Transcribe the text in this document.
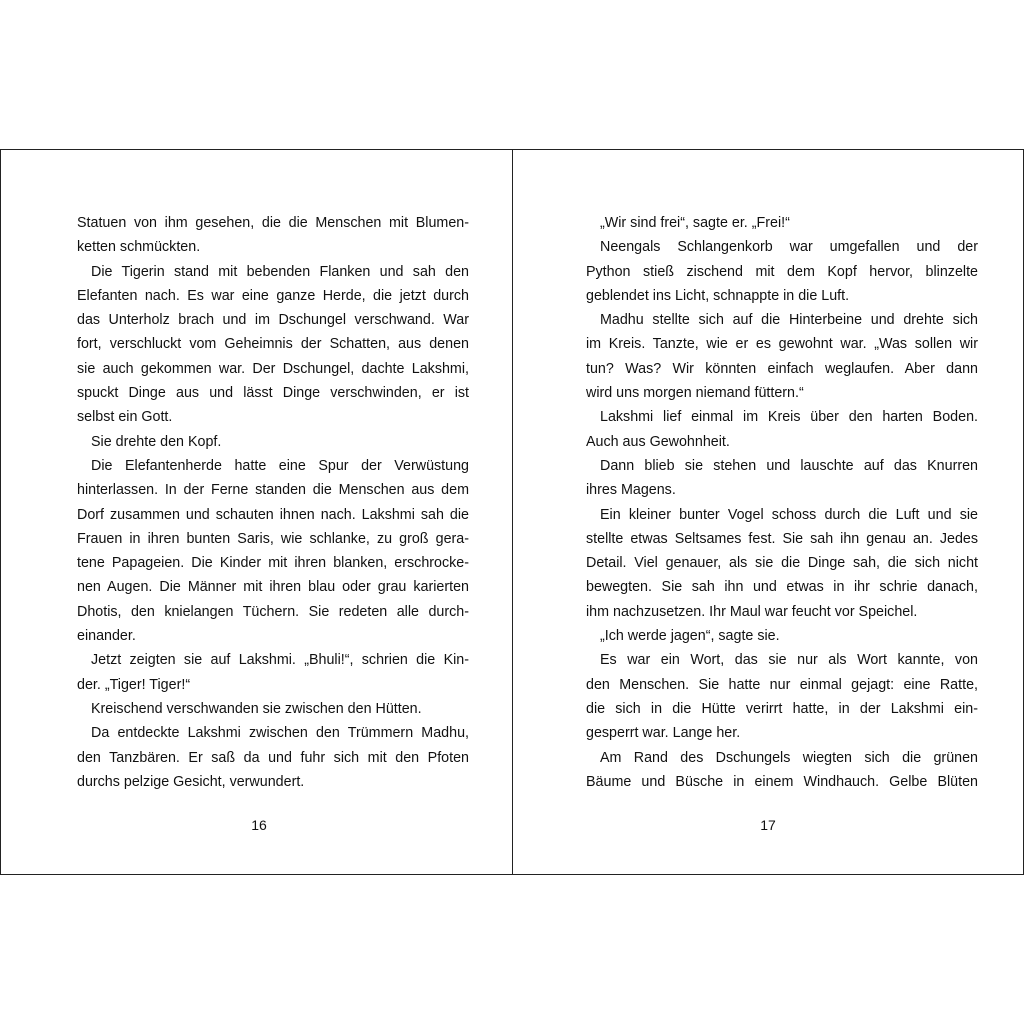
Statuen von ihm gesehen, die die Menschen mit Blumen-
ketten schmückten.
Die Tigerin stand mit bebenden Flanken und sah den
Elefanten nach. Es war eine ganze Herde, die jetzt durch
das Unterholz brach und im Dschungel verschwand. War
fort, verschluckt vom Geheimnis der Schatten, aus denen
sie auch gekommen war. Der Dschungel, dachte Lakshmi,
spuckt Dinge aus und lässt Dinge verschwinden, er ist
selbst ein Gott.
Sie drehte den Kopf.
Die Elefantenherde hatte eine Spur der Verwüstung
hinterlassen. In der Ferne standen die Menschen aus dem
Dorf zusammen und schauten ihnen nach. Lakshmi sah die
Frauen in ihren bunten Saris, wie schlanke, zu groß gera-
tene Papageien. Die Kinder mit ihren blanken, erschrocke-
nen Augen. Die Männer mit ihren blau oder grau karierten
Dhotis, den knielangen Tüchern. Sie redeten alle durch-
einander.
Jetzt zeigten sie auf Lakshmi. „Bhuli!“, schrien die Kin-
der. „Tiger! Tiger!“
Kreischend verschwanden sie zwischen den Hütten.
Da entdeckte Lakshmi zwischen den Trümmern Madhu,
den Tanzbären. Er saß da und fuhr sich mit den Pfoten
durchs pelzige Gesicht, verwundert.
16
„Wir sind frei“, sagte er. „Frei!“
Neengals Schlangenkorb war umgefallen und der
Python stieß zischend mit dem Kopf hervor, blinzelte
geblendet ins Licht, schnappte in die Luft.
Madhu stellte sich auf die Hinterbeine und drehte sich
im Kreis. Tanzte, wie er es gewohnt war. „Was sollen wir
tun? Was? Wir könnten einfach weglaufen. Aber dann
wird uns morgen niemand füttern.“
Lakshmi lief einmal im Kreis über den harten Boden.
Auch aus Gewohnheit.
Dann blieb sie stehen und lauschte auf das Knurren
ihres Magens.
Ein kleiner bunter Vogel schoss durch die Luft und sie
stellte etwas Seltsames fest. Sie sah ihn genau an. Jedes
Detail. Viel genauer, als sie die Dinge sah, die sich nicht
bewegten. Sie sah ihn und etwas in ihr schrie danach,
ihm nachzusetzen. Ihr Maul war feucht vor Speichel.
„Ich werde jagen“, sagte sie.
Es war ein Wort, das sie nur als Wort kannte, von
den Menschen. Sie hatte nur einmal gejagt: eine Ratte,
die sich in die Hütte verirrt hatte, in der Lakshmi ein-
gesperrt war. Lange her.
Am Rand des Dschungels wiegten sich die grünen
Bäume und Büsche in einem Windhauch. Gelbe Blüten
17
